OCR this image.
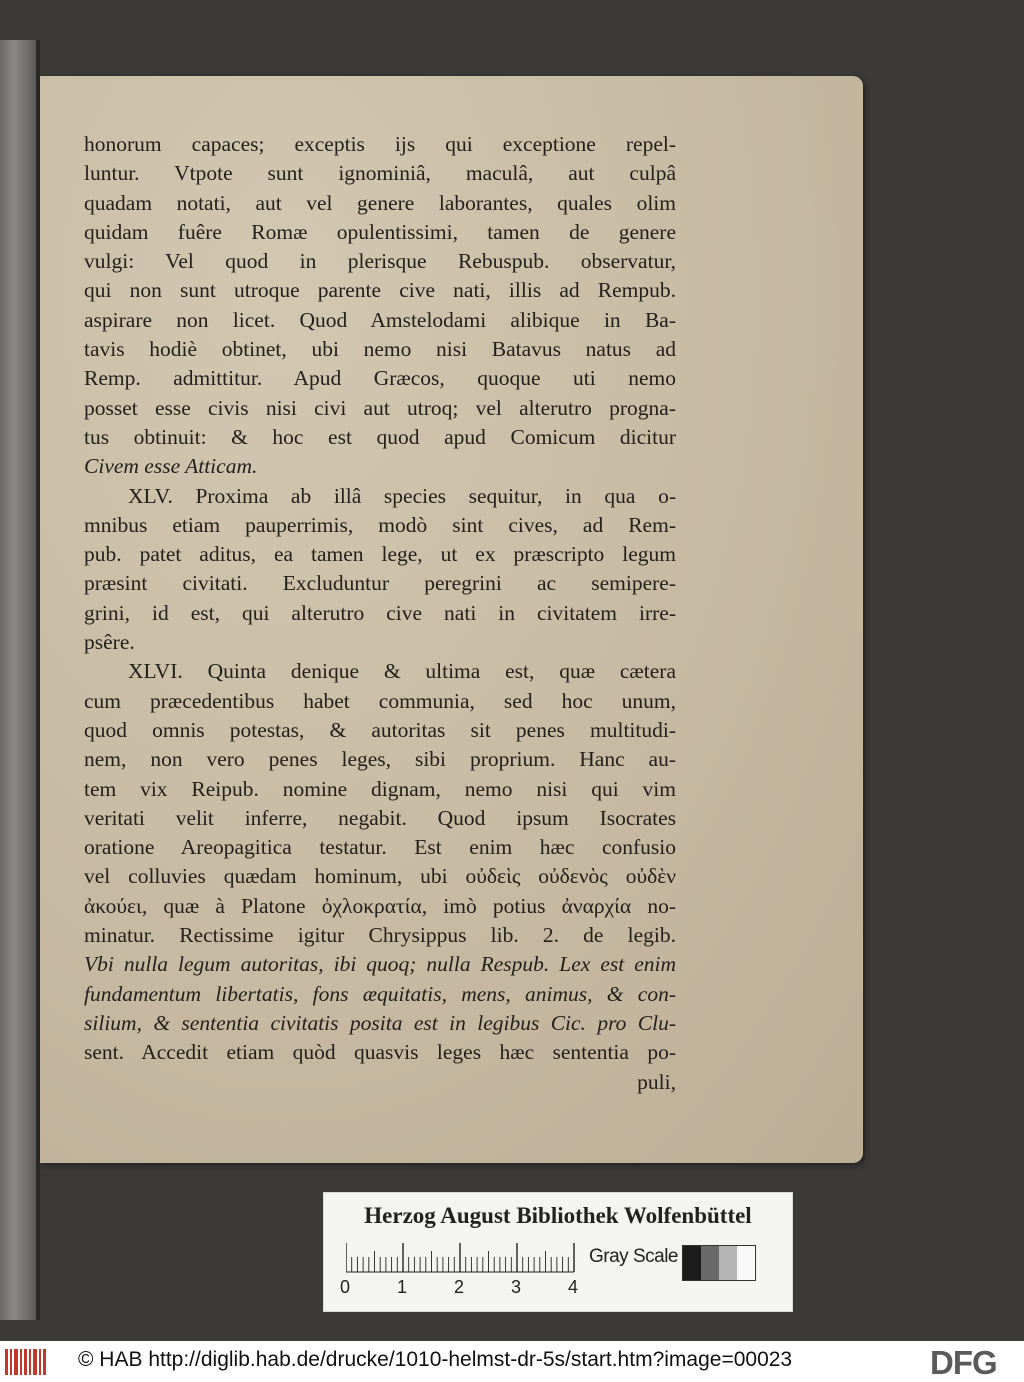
honorum capaces; exceptis ijs qui exceptione repel-
luntur. Vtpote sunt ignominiâ, maculâ, aut culpâ
quadam notati, aut vel genere laborantes, quales olim
quidam fuêre Romæ opulentissimi, tamen de genere
vulgi: Vel quod in plerisque Rebuspub. observatur,
qui non sunt utroque parente cive nati, illis ad Rempub.
aspirare non licet. Quod Amstelodami alibique in Ba-
tavis hodiè obtinet, ubi nemo nisi Batavus natus ad
Remp. admittitur. Apud Græcos, quoque uti nemo
posset esse civis nisi civi aut utroq; vel alterutro progna-
tus obtinuit: & hoc est quod apud Comicum dicitur
Civem esse Atticam.
XLV. Proxima ab illâ species sequitur, in qua o-
mnibus etiam pauperrimis, modò sint cives, ad Rem-
pub. patet aditus, ea tamen lege, ut ex præscripto legum
præsint civitati. Excluduntur peregrini ac semipere-
grini, id est, qui alterutro cive nati in civitatem irre-
psêre.
XLVI. Quinta denique & ultima est, quæ cætera
cum præcedentibus habet communia, sed hoc unum,
quod omnis potestas, & autoritas sit penes multitudi-
nem, non vero penes leges, sibi proprium. Hanc au-
tem vix Reipub. nomine dignam, nemo nisi qui vim
veritati velit inferre, negabit. Quod ipsum Isocrates
oratione Areopagitica testatur. Est enim hæc confusio
vel colluvies quædam hominum, ubi οὐδεὶς οὐδενὸς οὐδὲν
ἀκούει, quæ à Platone ὀχλοκρατία, imò potius ἀναρχία no-
minatur. Rectissime igitur Chrysippus lib. 2. de legib.
Vbi nulla legum autoritas, ibi quoq; nulla Respub. Lex est enim
fundamentum libertatis, fons æquitatis, mens, animus, & con-
silium, & sententia civitatis posita est in legibus Cic. pro Clu-
sent. Accedit etiam quòd quasvis leges hæc sententia po-
puli,
Herzog August Bibliothek Wolfenbüttel
0	1	2	3	4
Gray Scale
© HAB http://diglib.hab.de/drucke/1010-helmst-dr-5s/start.htm?image=00023	DFG
